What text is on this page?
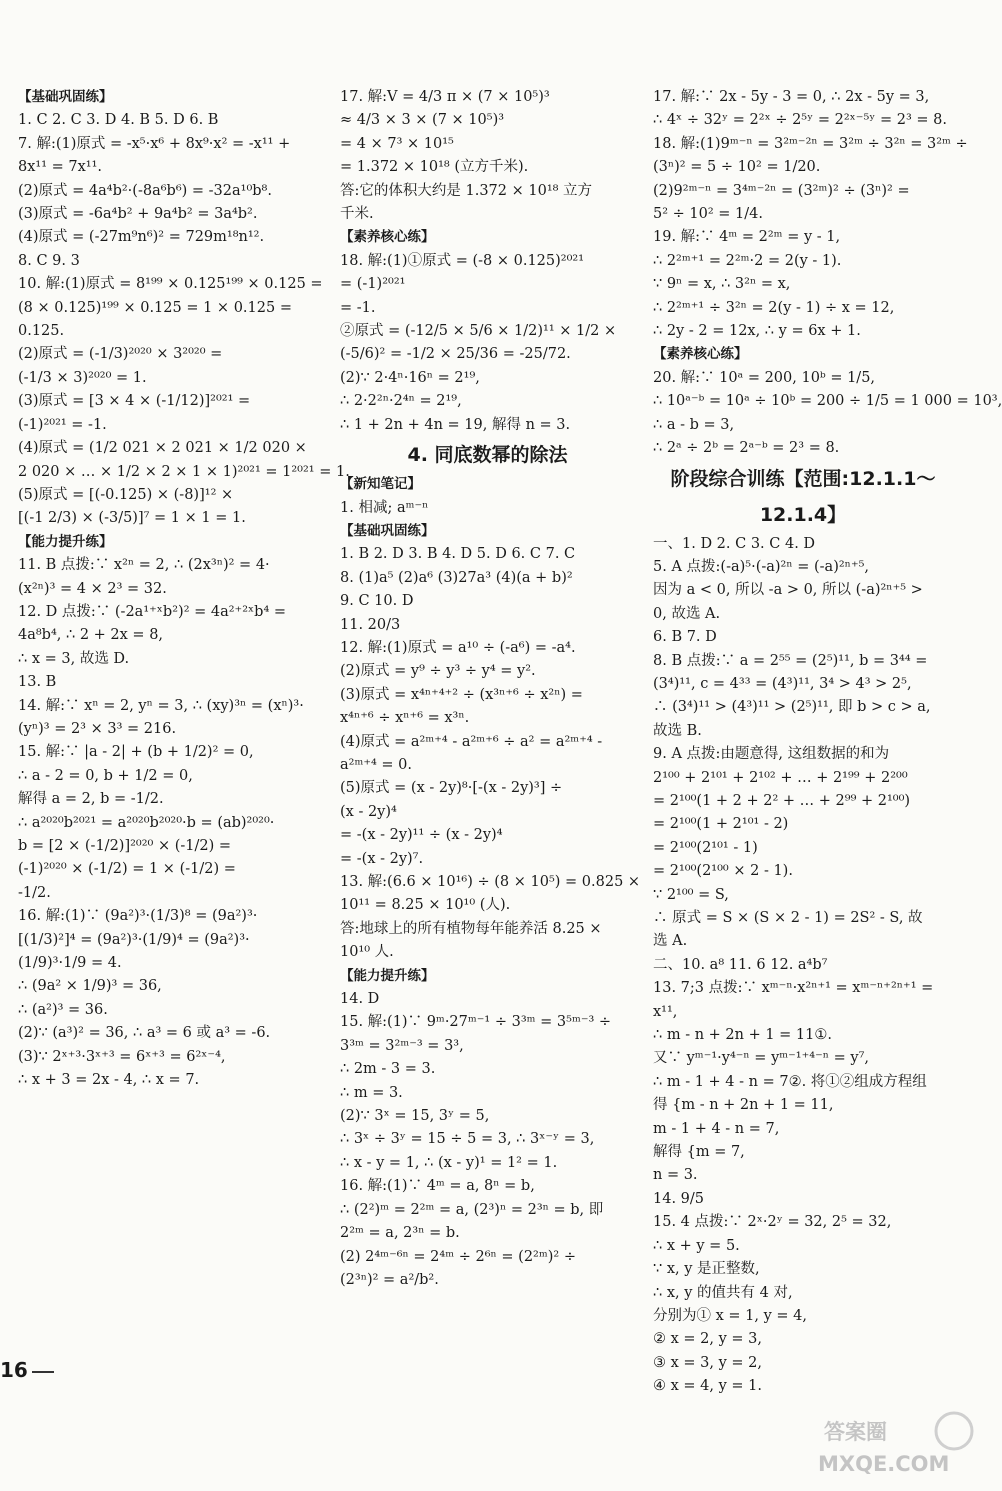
【基础巩固练】
1. C 2. C 3. D 4. B 5. D 6. B
7. 解:(1)原式 = -x⁵·x⁶ + 8x⁹·x² = -x¹¹ +
8x¹¹ = 7x¹¹.
(2)原式 = 4a⁴b²·(-8a⁶b⁶) = -32a¹⁰b⁸.
(3)原式 = -6a⁴b² + 9a⁴b² = 3a⁴b².
(4)原式 = (-27m⁹n⁶)² = 729m¹⁸n¹².
8. C 9. 3
10. 解:(1)原式 = 8¹⁹⁹ × 0.125¹⁹⁹ × 0.125 =
(8 × 0.125)¹⁹⁹ × 0.125 = 1 × 0.125 =
0.125.
(2)原式 = (-1/3)²⁰²⁰ × 3²⁰²⁰ =
(-1/3 × 3)²⁰²⁰ = 1.
(3)原式 = [3 × 4 × (-1/12)]²⁰²¹ =
(-1)²⁰²¹ = -1.
(4)原式 = (1/2 021 × 2 021 × 1/2 020 ×
2 020 × … × 1/2 × 2 × 1 × 1)²⁰²¹ = 1²⁰²¹ = 1.
(5)原式 = [(-0.125) × (-8)]¹² ×
[(-1 2/3) × (-3/5)]⁷ = 1 × 1 = 1.
【能力提升练】
11. B 点拨:∵ x²ⁿ = 2, ∴ (2x³ⁿ)² = 4·
(x²ⁿ)³ = 4 × 2³ = 32.
12. D 点拨:∵ (-2a¹⁺ˣb²)² = 4a²⁺²ˣb⁴ =
4a⁸b⁴, ∴ 2 + 2x = 8,
∴ x = 3, 故选 D.
13. B
14. 解:∵ xⁿ = 2, yⁿ = 3, ∴ (xy)³ⁿ = (xⁿ)³·
(yⁿ)³ = 2³ × 3³ = 216.
15. 解:∵ |a - 2| + (b + 1/2)² = 0,
∴ a - 2 = 0, b + 1/2 = 0,
解得 a = 2, b = -1/2.
∴ a²⁰²⁰b²⁰²¹ = a²⁰²⁰b²⁰²⁰·b = (ab)²⁰²⁰·
b = [2 × (-1/2)]²⁰²⁰ × (-1/2) =
(-1)²⁰²⁰ × (-1/2) = 1 × (-1/2) =
-1/2.
16. 解:(1)∵ (9a²)³·(1/3)⁸ = (9a²)³·
[(1/3)²]⁴ = (9a²)³·(1/9)⁴ = (9a²)³·
(1/9)³·1/9 = 4.
∴ (9a² × 1/9)³ = 36,
∴ (a²)³ = 36.
(2)∵ (a³)² = 36, ∴ a³ = 6 或 a³ = -6.
(3)∵ 2ˣ⁺³·3ˣ⁺³ = 6ˣ⁺³ = 6²ˣ⁻⁴,
∴ x + 3 = 2x - 4, ∴ x = 7.
17. 解:V = 4/3 π × (7 × 10⁵)³
≈ 4/3 × 3 × (7 × 10⁵)³
= 4 × 7³ × 10¹⁵
= 1.372 × 10¹⁸ (立方千米).
答:它的体积大约是 1.372 × 10¹⁸ 立方
千米.
【素养核心练】
18. 解:(1)①原式 = (-8 × 0.125)²⁰²¹
= (-1)²⁰²¹
= -1.
②原式 = (-12/5 × 5/6 × 1/2)¹¹ × 1/2 ×
(-5/6)² = -1/2 × 25/36 = -25/72.
(2)∵ 2·4ⁿ·16ⁿ = 2¹⁹,
∴ 2·2²ⁿ·2⁴ⁿ = 2¹⁹,
∴ 1 + 2n + 4n = 19, 解得 n = 3.
4. 同底数幂的除法
【新知笔记】
1. 相减; aᵐ⁻ⁿ
【基础巩固练】
1. B 2. D 3. B 4. D 5. D 6. C 7. C
8. (1)a⁵ (2)a⁶ (3)27a³ (4)(a + b)²
9. C 10. D
11. 20/3
12. 解:(1)原式 = a¹⁰ ÷ (-a⁶) = -a⁴.
(2)原式 = y⁹ ÷ y³ ÷ y⁴ = y².
(3)原式 = x⁴ⁿ⁺⁴⁺² ÷ (x³ⁿ⁺⁶ ÷ x²ⁿ) =
x⁴ⁿ⁺⁶ ÷ xⁿ⁺⁶ = x³ⁿ.
(4)原式 = a²ᵐ⁺⁴ - a²ᵐ⁺⁶ ÷ a² = a²ᵐ⁺⁴ -
a²ᵐ⁺⁴ = 0.
(5)原式 = (x - 2y)⁸·[-(x - 2y)³] ÷
(x - 2y)⁴
= -(x - 2y)¹¹ ÷ (x - 2y)⁴
= -(x - 2y)⁷.
13. 解:(6.6 × 10¹⁶) ÷ (8 × 10⁵) = 0.825 ×
10¹¹ = 8.25 × 10¹⁰ (人).
答:地球上的所有植物每年能养活 8.25 ×
10¹⁰ 人.
【能力提升练】
14. D
15. 解:(1)∵ 9ᵐ·27ᵐ⁻¹ ÷ 3³ᵐ = 3⁵ᵐ⁻³ ÷
3³ᵐ = 3²ᵐ⁻³ = 3³,
∴ 2m - 3 = 3.
∴ m = 3.
(2)∵ 3ˣ = 15, 3ʸ = 5,
∴ 3ˣ ÷ 3ʸ = 15 ÷ 5 = 3, ∴ 3ˣ⁻ʸ = 3,
∴ x - y = 1, ∴ (x - y)¹ = 1² = 1.
16. 解:(1)∵ 4ᵐ = a, 8ⁿ = b,
∴ (2²)ᵐ = 2²ᵐ = a, (2³)ⁿ = 2³ⁿ = b, 即
2²ᵐ = a, 2³ⁿ = b.
(2) 2⁴ᵐ⁻⁶ⁿ = 2⁴ᵐ ÷ 2⁶ⁿ = (2²ᵐ)² ÷
(2³ⁿ)² = a²/b².
17. 解:∵ 2x - 5y - 3 = 0, ∴ 2x - 5y = 3,
∴ 4ˣ ÷ 32ʸ = 2²ˣ ÷ 2⁵ʸ = 2²ˣ⁻⁵ʸ = 2³ = 8.
18. 解:(1)9ᵐ⁻ⁿ = 3²ᵐ⁻²ⁿ = 3²ᵐ ÷ 3²ⁿ = 3²ᵐ ÷
(3ⁿ)² = 5 ÷ 10² = 1/20.
(2)9²ᵐ⁻ⁿ = 3⁴ᵐ⁻²ⁿ = (3²ᵐ)² ÷ (3ⁿ)² =
5² ÷ 10² = 1/4.
19. 解:∵ 4ᵐ = 2²ᵐ = y - 1,
∴ 2²ᵐ⁺¹ = 2²ᵐ·2 = 2(y - 1).
∵ 9ⁿ = x, ∴ 3²ⁿ = x,
∴ 2²ᵐ⁺¹ ÷ 3²ⁿ = 2(y - 1) ÷ x = 12,
∴ 2y - 2 = 12x, ∴ y = 6x + 1.
【素养核心练】
20. 解:∵ 10ᵃ = 200, 10ᵇ = 1/5,
∴ 10ᵃ⁻ᵇ = 10ᵃ ÷ 10ᵇ = 200 ÷ 1/5 = 1 000 = 10³,
∴ a - b = 3,
∴ 2ᵃ ÷ 2ᵇ = 2ᵃ⁻ᵇ = 2³ = 8.
阶段综合训练【范围:12.1.1～12.1.4】
一、1. D 2. C 3. C 4. D
5. A 点拨:(-a)⁵·(-a)²ⁿ = (-a)²ⁿ⁺⁵,
因为 a < 0, 所以 -a > 0, 所以 (-a)²ⁿ⁺⁵ >
0, 故选 A.
6. B 7. D
8. B 点拨:∵ a = 2⁵⁵ = (2⁵)¹¹, b = 3⁴⁴ =
(3⁴)¹¹, c = 4³³ = (4³)¹¹, 3⁴ > 4³ > 2⁵,
∴ (3⁴)¹¹ > (4³)¹¹ > (2⁵)¹¹, 即 b > c > a,
故选 B.
9. A 点拨:由题意得, 这组数据的和为
2¹⁰⁰ + 2¹⁰¹ + 2¹⁰² + … + 2¹⁹⁹ + 2²⁰⁰
= 2¹⁰⁰(1 + 2 + 2² + … + 2⁹⁹ + 2¹⁰⁰)
= 2¹⁰⁰(1 + 2¹⁰¹ - 2)
= 2¹⁰⁰(2¹⁰¹ - 1)
= 2¹⁰⁰(2¹⁰⁰ × 2 - 1).
∵ 2¹⁰⁰ = S,
∴ 原式 = S × (S × 2 - 1) = 2S² - S, 故
选 A.
二、10. a⁸ 11. 6 12. a⁴b⁷
13. 7;3 点拨:∵ xᵐ⁻ⁿ·x²ⁿ⁺¹ = xᵐ⁻ⁿ⁺²ⁿ⁺¹ =
x¹¹,
∴ m - n + 2n + 1 = 11①.
又∵ yᵐ⁻¹·y⁴⁻ⁿ = yᵐ⁻¹⁺⁴⁻ⁿ = y⁷,
∴ m - 1 + 4 - n = 7②. 将①②组成方程组
得 {m - n + 2n + 1 = 11,
m - 1 + 4 - n = 7,
解得 {m = 7,
n = 3.
14. 9/5
15. 4 点拨:∵ 2ˣ·2ʸ = 32, 2⁵ = 32,
∴ x + y = 5.
∵ x, y 是正整数,
∴ x, y 的值共有 4 对,
分别为① x = 1, y = 4,
② x = 2, y = 3,
③ x = 3, y = 2,
④ x = 4, y = 1.
16
答案圈
MXQE.COM
